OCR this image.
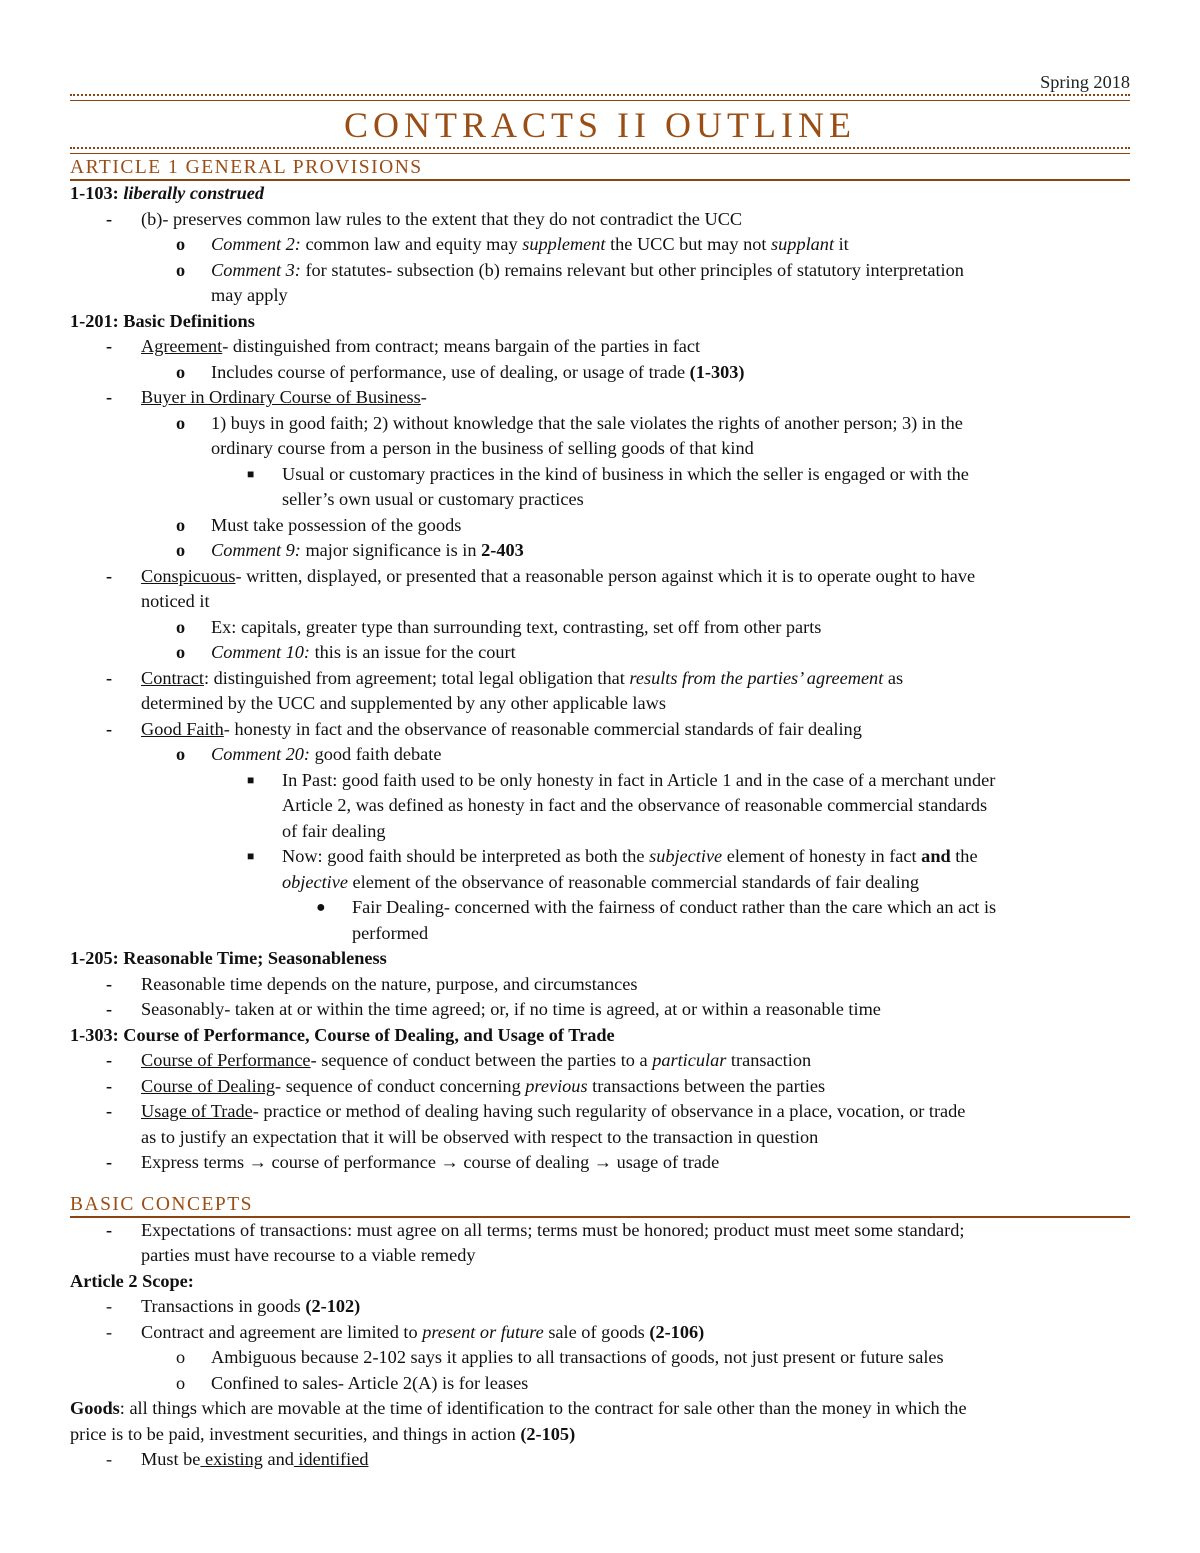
Spring 2018
CONTRACTS II OUTLINE
ARTICLE 1 GENERAL PROVISIONS
1-103: liberally construed
- (b)- preserves common law rules to the extent that they do not contradict the UCC
o Comment 2: common law and equity may supplement the UCC but may not supplant it
o Comment 3: for statutes- subsection (b) remains relevant but other principles of statutory interpretation
may apply
1-201: Basic Definitions
- Agreement- distinguished from contract; means bargain of the parties in fact
o Includes course of performance, use of dealing, or usage of trade (1-303)
- Buyer in Ordinary Course of Business-
o 1) buys in good faith; 2) without knowledge that the sale violates the rights of another person; 3) in the
ordinary course from a person in the business of selling goods of that kind
■ Usual or customary practices in the kind of business in which the seller is engaged or with the
seller’s own usual or customary practices
o Must take possession of the goods
o Comment 9: major significance is in 2-403
- Conspicuous- written, displayed, or presented that a reasonable person against which it is to operate ought to have
noticed it
o Ex: capitals, greater type than surrounding text, contrasting, set off from other parts
o Comment 10: this is an issue for the court
- Contract: distinguished from agreement; total legal obligation that results from the parties’ agreement as
determined by the UCC and supplemented by any other applicable laws
- Good Faith- honesty in fact and the observance of reasonable commercial standards of fair dealing
o Comment 20: good faith debate
■ In Past: good faith used to be only honesty in fact in Article 1 and in the case of a merchant under
Article 2, was defined as honesty in fact and the observance of reasonable commercial standards
of fair dealing
■ Now: good faith should be interpreted as both the subjective element of honesty in fact and the
objective element of the observance of reasonable commercial standards of fair dealing
● Fair Dealing- concerned with the fairness of conduct rather than the care which an act is
performed
1-205: Reasonable Time; Seasonableness
- Reasonable time depends on the nature, purpose, and circumstances
- Seasonably- taken at or within the time agreed; or, if no time is agreed, at or within a reasonable time
1-303: Course of Performance, Course of Dealing, and Usage of Trade
- Course of Performance- sequence of conduct between the parties to a particular transaction
- Course of Dealing- sequence of conduct concerning previous transactions between the parties
- Usage of Trade- practice or method of dealing having such regularity of observance in a place, vocation, or trade
as to justify an expectation that it will be observed with respect to the transaction in question
- Express terms → course of performance → course of dealing → usage of trade
BASIC CONCEPTS
- Expectations of transactions: must agree on all terms; terms must be honored; product must meet some standard;
parties must have recourse to a viable remedy
Article 2 Scope:
- Transactions in goods (2-102)
- Contract and agreement are limited to present or future sale of goods (2-106)
o Ambiguous because 2-102 says it applies to all transactions of goods, not just present or future sales
o Confined to sales- Article 2(A) is for leases
Goods: all things which are movable at the time of identification to the contract for sale other than the money in which the
price is to be paid, investment securities, and things in action (2-105)
- Must be existing and identified
